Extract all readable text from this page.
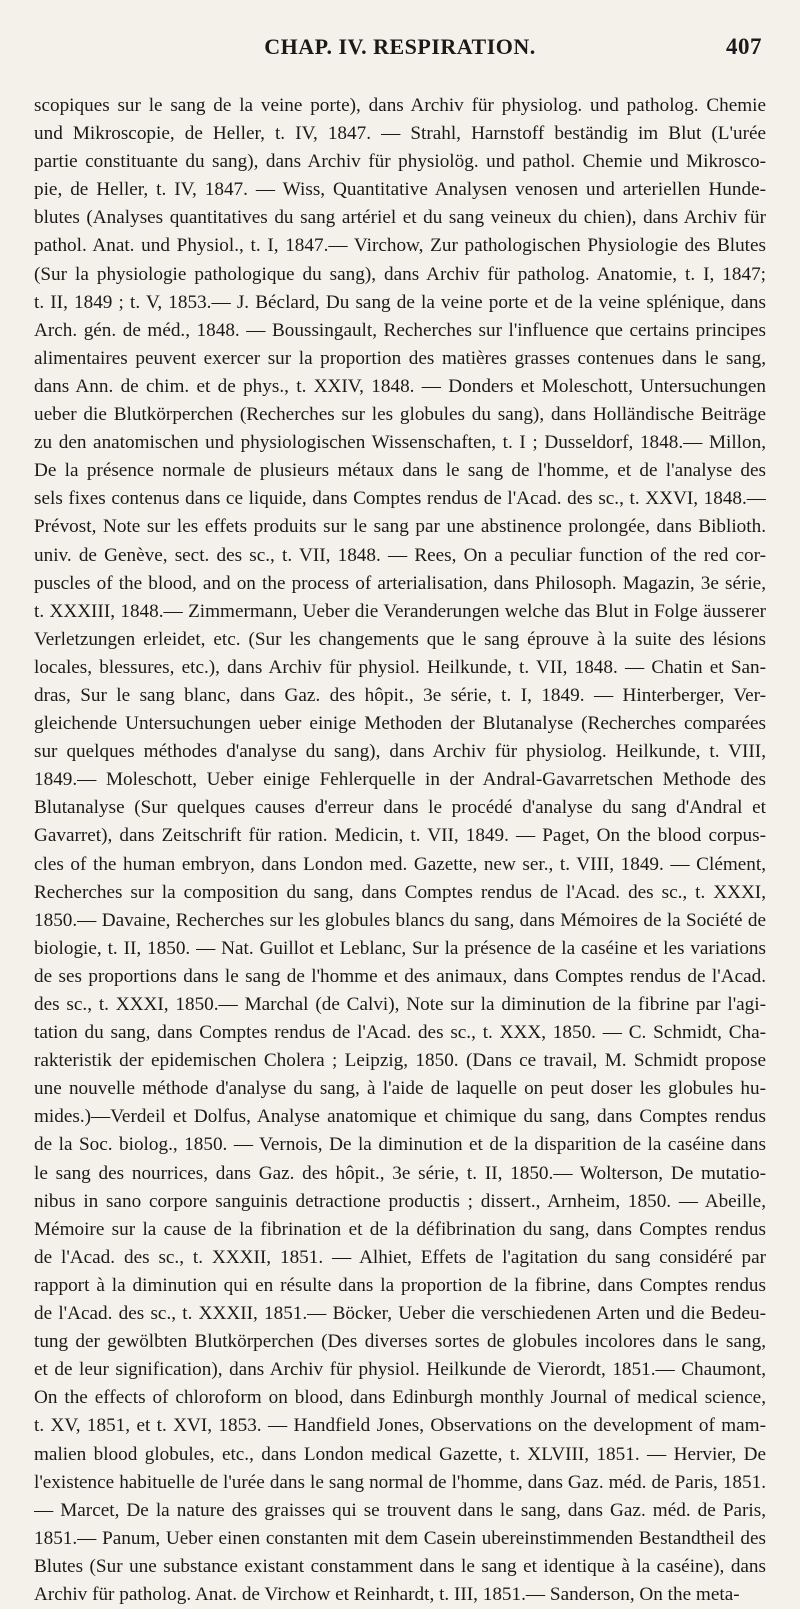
CHAP. IV. RESPIRATION.	407
scopiques sur le sang de la veine porte), dans Archiv für physiolog. und patholog. Chemie
und Mikroscopie, de Heller, t. IV, 1847. — Strahl, Harnstoff beständig im Blut (L'urée
partie constituante du sang), dans Archiv für physiolög. und pathol. Chemie und Mikrosco-
pie, de Heller, t. IV, 1847. — Wiss, Quantitative Analysen venosen und arteriellen Hunde-
blutes (Analyses quantitatives du sang artériel et du sang veineux du chien), dans Archiv für
pathol. Anat. und Physiol., t. I, 1847.— Virchow, Zur pathologischen Physiologie des Blutes
(Sur la physiologie pathologique du sang), dans Archiv für patholog. Anatomie, t. I, 1847;
t. II, 1849 ; t. V, 1853.— J. Béclard, Du sang de la veine porte et de la veine splénique, dans
Arch. gén. de méd., 1848. — Boussingault, Recherches sur l'influence que certains principes
alimentaires peuvent exercer sur la proportion des matières grasses contenues dans le sang,
dans Ann. de chim. et de phys., t. XXIV, 1848. — Donders et Moleschott, Untersuchungen
ueber die Blutkörperchen (Recherches sur les globules du sang), dans Holländische Beiträge
zu den anatomischen und physiologischen Wissenschaften, t. I ; Dusseldorf, 1848.— Millon,
De la présence normale de plusieurs métaux dans le sang de l'homme, et de l'analyse des
sels fixes contenus dans ce liquide, dans Comptes rendus de l'Acad. des sc., t. XXVI, 1848.—
Prévost, Note sur les effets produits sur le sang par une abstinence prolongée, dans Biblioth.
univ. de Genève, sect. des sc., t. VII, 1848. — Rees, On a peculiar function of the red cor-
puscles of the blood, and on the process of arterialisation, dans Philosoph. Magazin, 3e série,
t. XXXIII, 1848.— Zimmermann, Ueber die Veranderungen welche das Blut in Folge äusserer
Verletzungen erleidet, etc. (Sur les changements que le sang éprouve à la suite des lésions
locales, blessures, etc.), dans Archiv für physiol. Heilkunde, t. VII, 1848. — Chatin et San-
dras, Sur le sang blanc, dans Gaz. des hôpit., 3e série, t. I, 1849. — Hinterberger, Ver-
gleichende Untersuchungen ueber einige Methoden der Blutanalyse (Recherches comparées
sur quelques méthodes d'analyse du sang), dans Archiv für physiolog. Heilkunde, t. VIII,
1849.— Moleschott, Ueber einige Fehlerquelle in der Andral-Gavarretschen Methode des
Blutanalyse (Sur quelques causes d'erreur dans le procédé d'analyse du sang d'Andral et
Gavarret), dans Zeitschrift für ration. Medicin, t. VII, 1849. — Paget, On the blood corpus-
cles of the human embryon, dans London med. Gazette, new ser., t. VIII, 1849. — Clément,
Recherches sur la composition du sang, dans Comptes rendus de l'Acad. des sc., t. XXXI,
1850.— Davaine, Recherches sur les globules blancs du sang, dans Mémoires de la Société de
biologie, t. II, 1850. — Nat. Guillot et Leblanc, Sur la présence de la caséine et les variations
de ses proportions dans le sang de l'homme et des animaux, dans Comptes rendus de l'Acad.
des sc., t. XXXI, 1850.— Marchal (de Calvi), Note sur la diminution de la fibrine par l'agi-
tation du sang, dans Comptes rendus de l'Acad. des sc., t. XXX, 1850. — C. Schmidt, Cha-
rakteristik der epidemischen Cholera ; Leipzig, 1850. (Dans ce travail, M. Schmidt propose
une nouvelle méthode d'analyse du sang, à l'aide de laquelle on peut doser les globules hu-
mides.)—Verdeil et Dolfus, Analyse anatomique et chimique du sang, dans Comptes rendus
de la Soc. biolog., 1850. — Vernois, De la diminution et de la disparition de la caséine dans
le sang des nourrices, dans Gaz. des hôpit., 3e série, t. II, 1850.— Wolterson, De mutatio-
nibus in sano corpore sanguinis detractione productis ; dissert., Arnheim, 1850. — Abeille,
Mémoire sur la cause de la fibrination et de la défibrination du sang, dans Comptes rendus
de l'Acad. des sc., t. XXXII, 1851. — Alhiet, Effets de l'agitation du sang considéré par
rapport à la diminution qui en résulte dans la proportion de la fibrine, dans Comptes rendus
de l'Acad. des sc., t. XXXII, 1851.— Böcker, Ueber die verschiedenen Arten und die Bedeu-
tung der gewölbten Blutkörperchen (Des diverses sortes de globules incolores dans le sang,
et de leur signification), dans Archiv für physiol. Heilkunde de Vierordt, 1851.— Chaumont,
On the effects of chloroform on blood, dans Edinburgh monthly Journal of medical science,
t. XV, 1851, et t. XVI, 1853. — Handfield Jones, Observations on the development of mam-
malien blood globules, etc., dans London medical Gazette, t. XLVIII, 1851. — Hervier, De
l'existence habituelle de l'urée dans le sang normal de l'homme, dans Gaz. méd. de Paris, 1851.
— Marcet, De la nature des graisses qui se trouvent dans le sang, dans Gaz. méd. de Paris,
1851.— Panum, Ueber einen constanten mit dem Casein ubereinstimmenden Bestandtheil des
Blutes (Sur une substance existant constamment dans le sang et identique à la caséine), dans
Archiv für patholog. Anat. de Virchow et Reinhardt, t. III, 1851.— Sanderson, On the meta-
